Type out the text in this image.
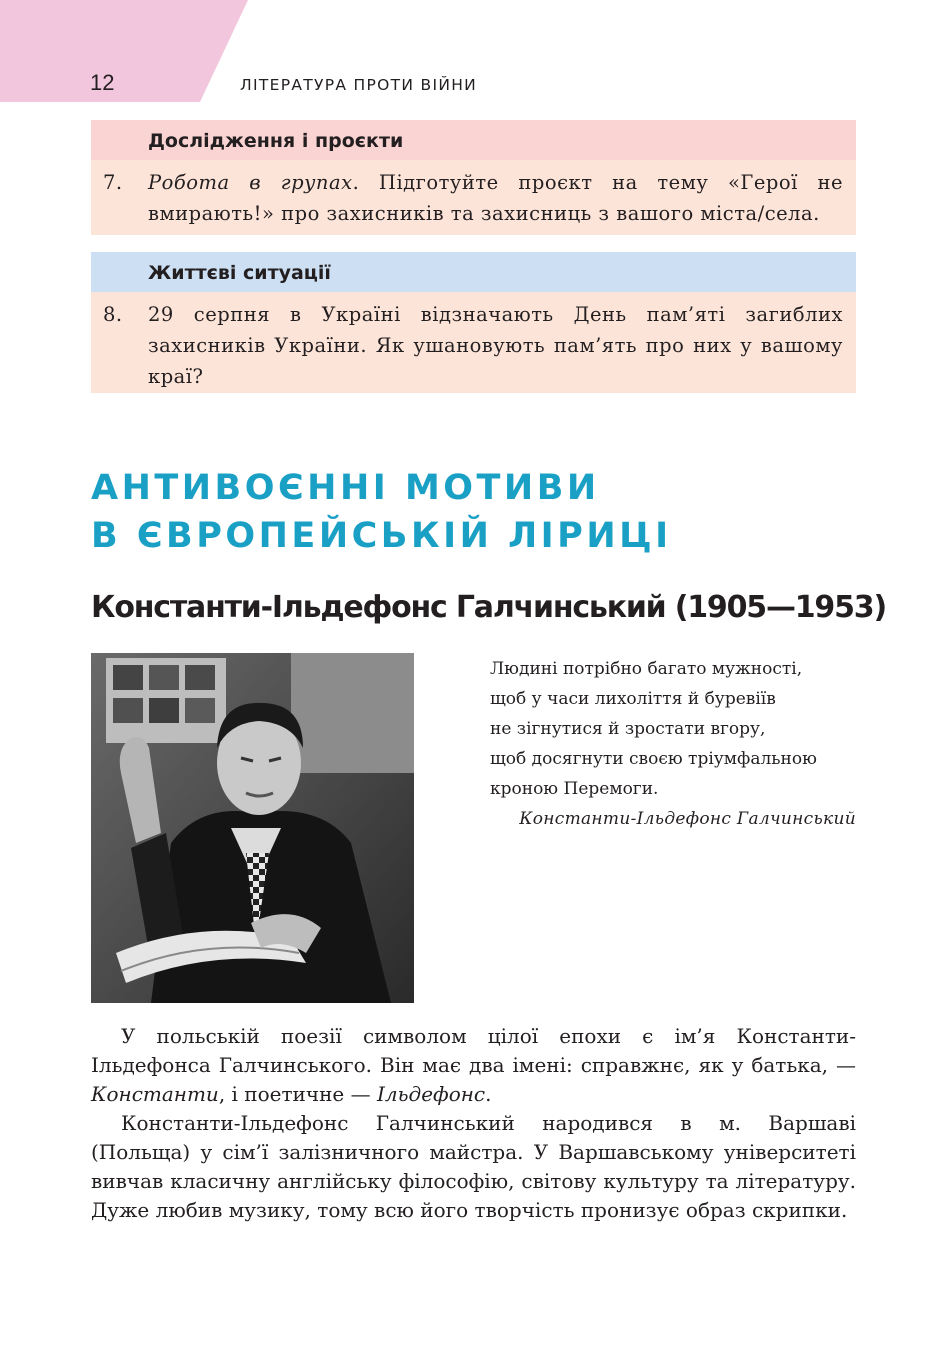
12	ЛІТЕРАТУРА ПРОТИ ВІЙНИ
Дослідження і проєкти
7. Робота в групах. Підготуйте проєкт на тему «Герої не вмирають!» про захисників та захисниць з вашого міста/села.
Життєві ситуації
8. 29 серпня в Україні відзначають День пам’яті загиблих захисників України. Як ушановують пам’ять про них у вашому краї?
АНТИВОЄННІ МОТИВИ
В ЄВРОПЕЙСЬКІЙ ЛІРИЦІ
Константи-Ільдефонс Галчинський (1905—1953)
Людині потрібно багато мужності,
щоб у часи лихоліття й буревіїв
не зігнутися й зростати вгору,
щоб досягнути своєю тріумфальною
кроною Перемоги.
Константи-Ільдефонс Галчинський

У польській поезії символом цілої епохи є ім’я Константи-Ільдефонса Галчинського. Він має два імені: справжнє, як у батька, — Константи, і поетичне — Ільдефонс.

Константи-Ільдефонс Галчинський народився в м. Варшаві (Польща) у сім’ї залізничного майстра. У Варшавському університеті вивчав класичну англійську філософію, світову культуру та літературу. Дуже любив музику, тому всю його творчість пронизує образ скрипки.
